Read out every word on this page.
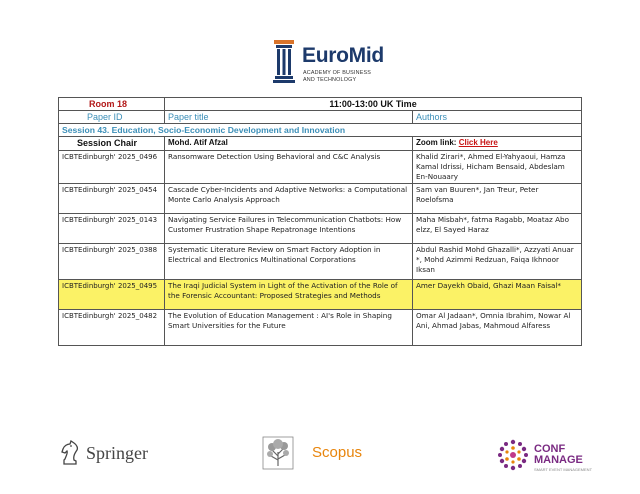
EuroMid
ACADEMY OF BUSINESS
AND TECHNOLOGY
Room 18	11:00-13:00 UK Time	
Paper ID	Paper title	Authors
Session 43. Education, Socio-Economic Development and Innovation		
Session Chair	Mohd. Atif Afzal	Zoom link: Click Here
ICBTEdinburgh' 2025_0496	Ransomware Detection Using Behavioral and C&C Analysis	Khalid Zirari*, Ahmed El-Yahyaoui, Hamza Kamal Idrissi, Hicham Bensaid, Abdeslam En-Nouaary
ICBTEdinburgh' 2025_0454	Cascade Cyber-Incidents and Adaptive Networks: a Computational Monte Carlo Analysis Approach	Sam van Buuren*, Jan Treur, Peter Roelofsma
ICBTEdinburgh' 2025_0143	Navigating Service Failures in Telecommunication Chatbots: How Customer Frustration Shape Repatronage Intentions	Maha Misbah*, fatma Ragabb, Moataz Abo elzz, El Sayed Haraz
ICBTEdinburgh' 2025_0388	Systematic Literature Review on Smart Factory Adoption in Electrical and Electronics Multinational Corporations	Abdul Rashid Mohd Ghazalli*, Azzyati Anuar *, Mohd Azimmi Redzuan, Faiqa Ikhnoor Iksan
ICBTEdinburgh' 2025_0495	The Iraqi Judicial System in Light of the Activation of the Role of the Forensic Accountant: Proposed Strategies and Methods	Amer Dayekh Obaid, Ghazi Maan Faisal*
ICBTEdinburgh' 2025_0482	The Evolution of Education Management : AI's Role in Shaping Smart Universities for the Future	Omar Al Jadaan*, Omnia Ibrahim, Nowar Al Ani, Ahmad Jabas, Mahmoud Alfaress
Springer	Scopus	CONF
MANAGE
SMART EVENT MANAGEMENT
